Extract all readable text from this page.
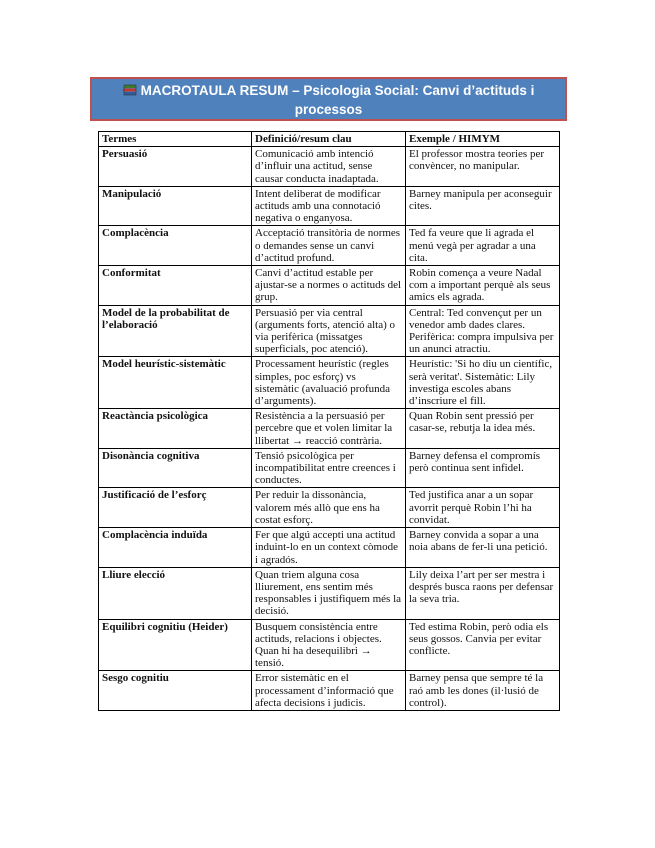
MACROTAULA RESUM – Psicologia Social: Canvi d’actituds i processos
cognitius
Termes	Definició/resum clau	Exemple / HIMYM
Persuasió	Comunicació amb intenció d’influir una actitud, sense causar conducta inadaptada.	El professor mostra teories per convèncer, no manipular.
Manipulació	Intent deliberat de modificar actituds amb una connotació negativa o enganyosa.	Barney manipula per aconseguir cites.
Complacència	Acceptació transitòria de normes o demandes sense un canvi d’actitud profund.	Ted fa veure que li agrada el menú vegà per agradar a una cita.
Conformitat	Canvi d’actitud estable per ajustar-se a normes o actituds del grup.	Robin comença a veure Nadal com a important perquè als seus amics els agrada.
Model de la probabilitat de l’elaboració	Persuasió per via central (arguments forts, atenció alta) o via perifèrica (missatges superficials, poc atenció).	Central: Ted convençut per un venedor amb dades clares. Perifèrica: compra impulsiva per un anunci atractiu.
Model heurístic-sistemàtic	Processament heurístic (regles simples, poc esforç) vs sistemàtic (avaluació profunda d’arguments).	Heurístic: 'Si ho diu un científic, serà veritat'. Sistemàtic: Lily investiga escoles abans d’inscriure el fill.
Reactància psicològica	Resistència a la persuasió per percebre que et volen limitar la llibertat → reacció contrària.	Quan Robin sent pressió per casar-se, rebutja la idea més.
Disonància cognitiva	Tensió psicològica per incompatibilitat entre creences i conductes.	Barney defensa el compromís però continua sent infidel.
Justificació de l’esforç	Per reduir la dissonància, valorem més allò que ens ha costat esforç.	Ted justifica anar a un sopar avorrit perquè Robin l’hi ha convidat.
Complacència induïda	Fer que algú accepti una actitud induint-lo en un context còmode i agradós.	Barney convida a sopar a una noia abans de fer-li una petició.
Lliure elecció	Quan triem alguna cosa lliurement, ens sentim més responsables i justifiquem més la decisió.	Lily deixa l’art per ser mestra i després busca raons per defensar la seva tria.
Equilibri cognitiu (Heider)	Busquem consistència entre actituds, relacions i objectes. Quan hi ha desequilibri → tensió.	Ted estima Robin, però odia els seus gossos. Canvia per evitar conflicte.
Sesgo cognitiu	Error sistemàtic en el processament d’informació que afecta decisions i judicis.	Barney pensa que sempre té la raó amb les dones (il·lusió de control).
